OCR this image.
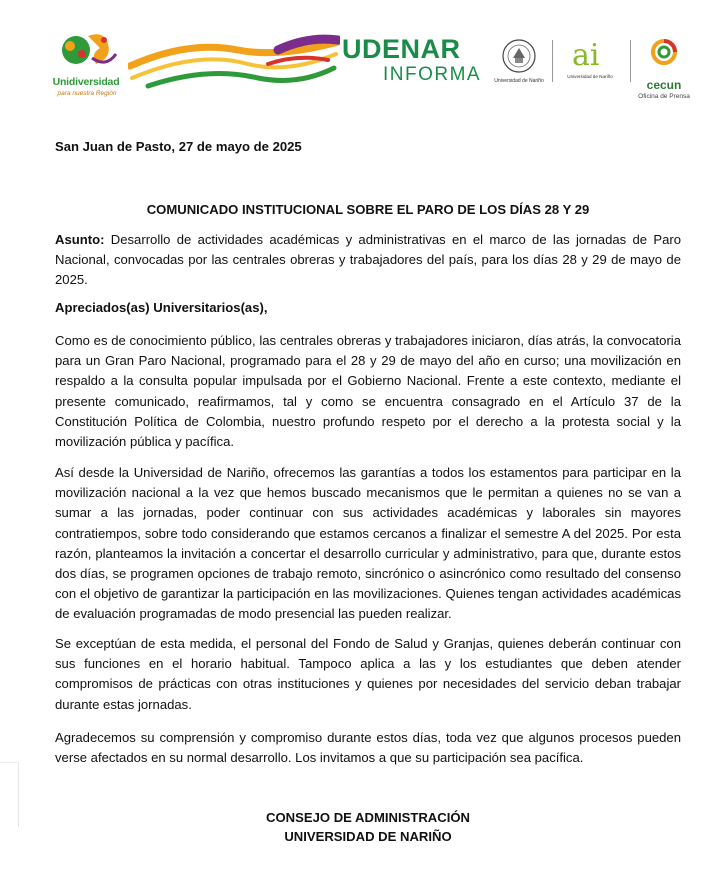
Unidiversidad
para nuestra Región
UDENAR
INFORMA	Universidad de Nariño
ai
Universidad de Nariño
cecun
Oficina de Prensa

San Juan de Pasto, 27 de mayo de 2025

COMUNICADO INSTITUCIONAL SOBRE EL PARO DE LOS DÍAS 28 Y 29

Asunto: Desarrollo de actividades académicas y administrativas en el marco de las jornadas de Paro Nacional, convocadas por las centrales obreras y trabajadores del país, para los días 28 y 29 de mayo de 2025.

Apreciados(as) Universitarios(as),

Como es de conocimiento público, las centrales obreras y trabajadores iniciaron, días atrás, la convocatoria para un Gran Paro Nacional, programado para el 28 y 29 de mayo del año en curso; una movilización en respaldo a la consulta popular impulsada por el Gobierno Nacional. Frente a este contexto, mediante el presente comunicado, reafirmamos, tal y como se encuentra consagrado en el Artículo 37 de la Constitución Política de Colombia, nuestro profundo respeto por el derecho a la protesta social y la movilización pública y pacífica.

Así desde la Universidad de Nariño, ofrecemos las garantías a todos los estamentos para participar en la movilización nacional a la vez que hemos buscado mecanismos que le permitan a quienes no se van a sumar a las jornadas, poder continuar con sus actividades académicas y laborales sin mayores contratiempos, sobre todo considerando que estamos cercanos a finalizar el semestre A del 2025. Por esta razón, planteamos la invitación a concertar el desarrollo curricular y administrativo, para que, durante estos dos días, se programen opciones de trabajo remoto, sincrónico o asincrónico como resultado del consenso con el objetivo de garantizar la participación en las movilizaciones. Quienes tengan actividades académicas de evaluación programadas de modo presencial las pueden realizar.

Se exceptúan de esta medida, el personal del Fondo de Salud y Granjas, quienes deberán continuar con sus funciones en el horario habitual. Tampoco aplica a las y los estudiantes que deben atender compromisos de prácticas con otras instituciones y quienes por necesidades del servicio deban trabajar durante estas jornadas.

Agradecemos su comprensión y compromiso durante estos días, toda vez que algunos procesos pueden verse afectados en su normal desarrollo. Los invitamos a que su participación sea pacífica.

CONSEJO DE ADMINISTRACIÓN

UNIVERSIDAD DE NARIÑO
